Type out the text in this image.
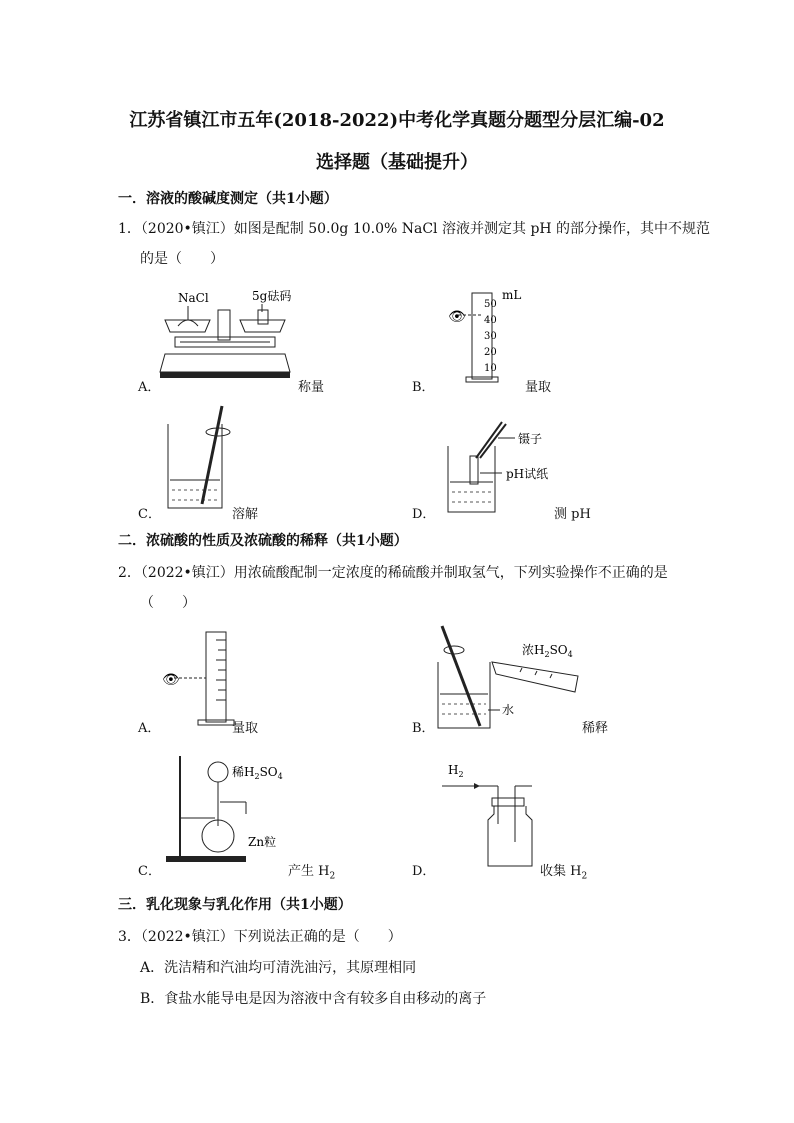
江苏省镇江市五年(2018-2022)中考化学真题分题型分层汇编-02
选择题（基础提升）
一．溶液的酸碱度测定（共1小题）
1．（2020•镇江）如图是配制 50.0g 10.0% NaCl 溶液并测定其 pH 的部分操作，其中不规范
的是（　　）
NaCl	5g砝码
A．	称量
👁
mL
50
40
30
20
10
B．	量取
C．	溶解
镊子
pH试纸
D．	测 pH
二．浓硫酸的性质及浓硫酸的稀释（共1小题）
2．（2022•镇江）用浓硫酸配制一定浓度的稀硫酸并制取氢气，下列实验操作不正确的是
（　　）
👁
A．	量取
浓$H_2SO_4$
水
B．	稀释
稀$H_2SO_4$
Zn粒
C．	产生 $H_2$
$H_2$
D．	收集 $H_2$
三．乳化现象与乳化作用（共1小题）
3．（2022•镇江）下列说法正确的是（　　）
A．洗洁精和汽油均可清洗油污，其原理相同
B．食盐水能导电是因为溶液中含有较多自由移动的离子
